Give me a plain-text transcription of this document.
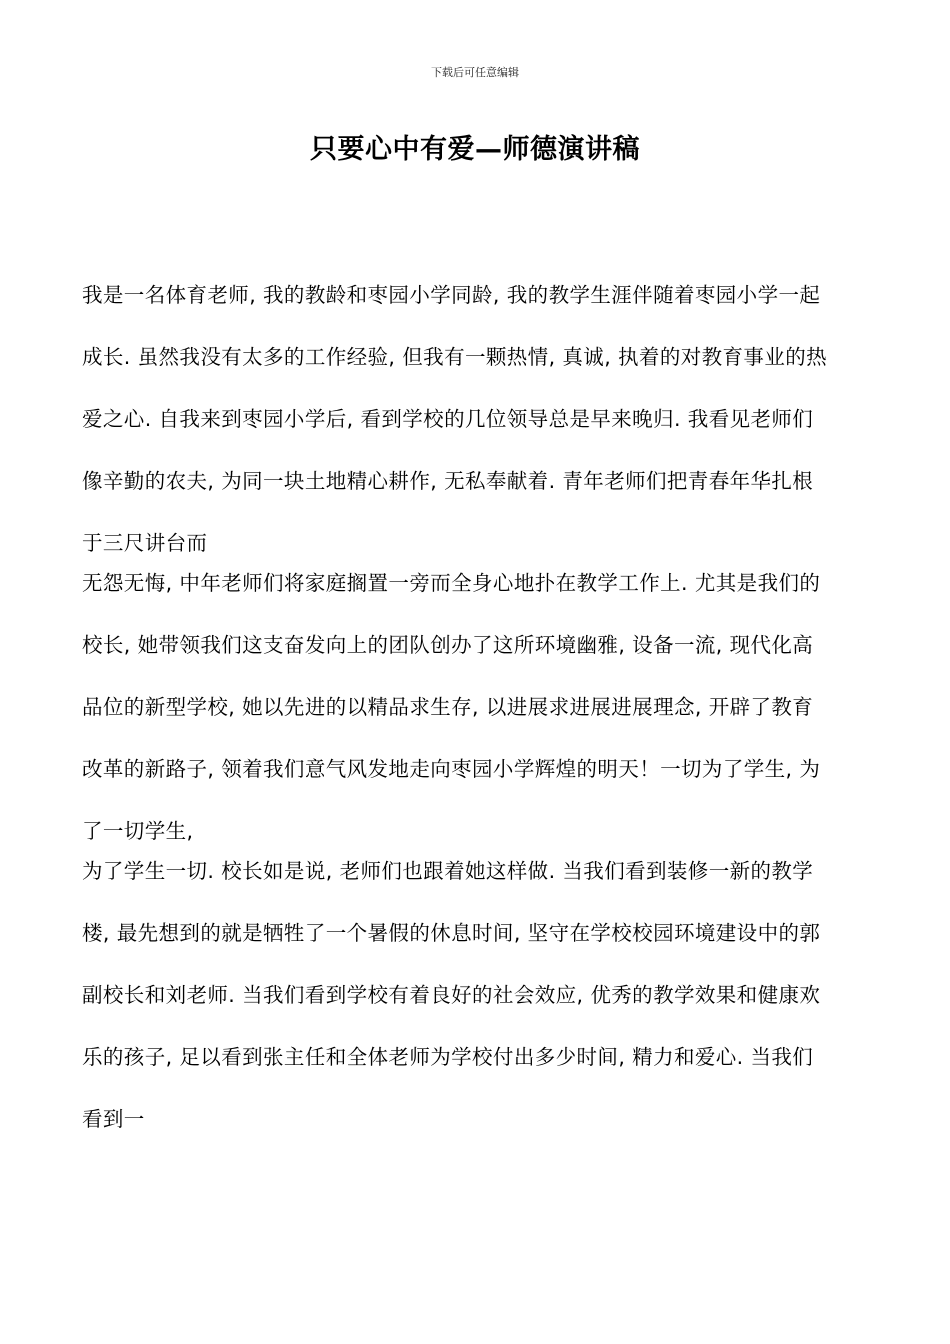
下载后可任意编辑
只要心中有爱—师德演讲稿
我是一名体育老师, 我的教龄和枣园小学同龄, 我的教学生涯伴随着枣园小学一起
成长. 虽然我没有太多的工作经验, 但我有一颗热情, 真诚, 执着的对教育事业的热
爱之心. 自我来到枣园小学后, 看到学校的几位领导总是早来晚归. 我看见老师们
像辛勤的农夫, 为同一块土地精心耕作, 无私奉献着. 青年老师们把青春年华扎根
于三尺讲台而
无怨无悔, 中年老师们将家庭搁置一旁而全身心地扑在教学工作上. 尤其是我们的
校长, 她带领我们这支奋发向上的团队创办了这所环境幽雅, 设备一流, 现代化高
品位的新型学校, 她以先进的以精品求生存, 以进展求进展进展理念, 开辟了教育
改革的新路子, 领着我们意气风发地走向枣园小学辉煌的明天！一切为了学生, 为
了一切学生,
为了学生一切. 校长如是说, 老师们也跟着她这样做. 当我们看到装修一新的教学
楼, 最先想到的就是牺牲了一个暑假的休息时间, 坚守在学校校园环境建设中的郭
副校长和刘老师. 当我们看到学校有着良好的社会效应, 优秀的教学效果和健康欢
乐的孩子, 足以看到张主任和全体老师为学校付出多少时间, 精力和爱心. 当我们
看到一
